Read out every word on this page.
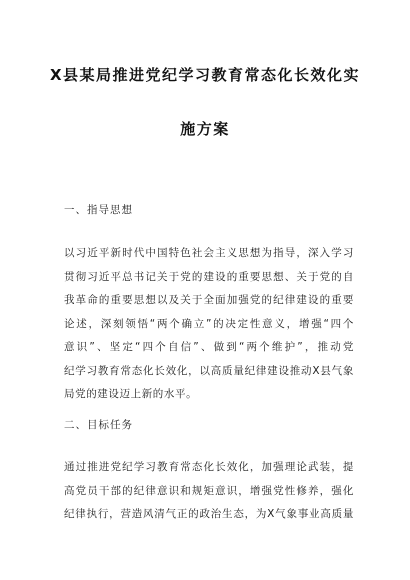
X县某局推进党纪学习教育常态化长效化实
施方案
一、指导思想
以习近平新时代中国特色社会主义思想为指导，深入学习
贯彻习近平总书记关于党的建设的重要思想、关于党的自
我革命的重要思想以及关于全面加强党的纪律建设的重要
论述，深刻领悟“两个确立”的决定性意义，增强“四个
意识”、坚定“四个自信”、做到“两个维护”，推动党
纪学习教育常态化长效化，以高质量纪律建设推动X县气象
局党的建设迈上新的水平。
二、目标任务
通过推进党纪学习教育常态化长效化，加强理论武装，提
高党员干部的纪律意识和规矩意识，增强党性修养，强化
纪律执行，营造风清气正的政治生态，为X气象事业高质量
